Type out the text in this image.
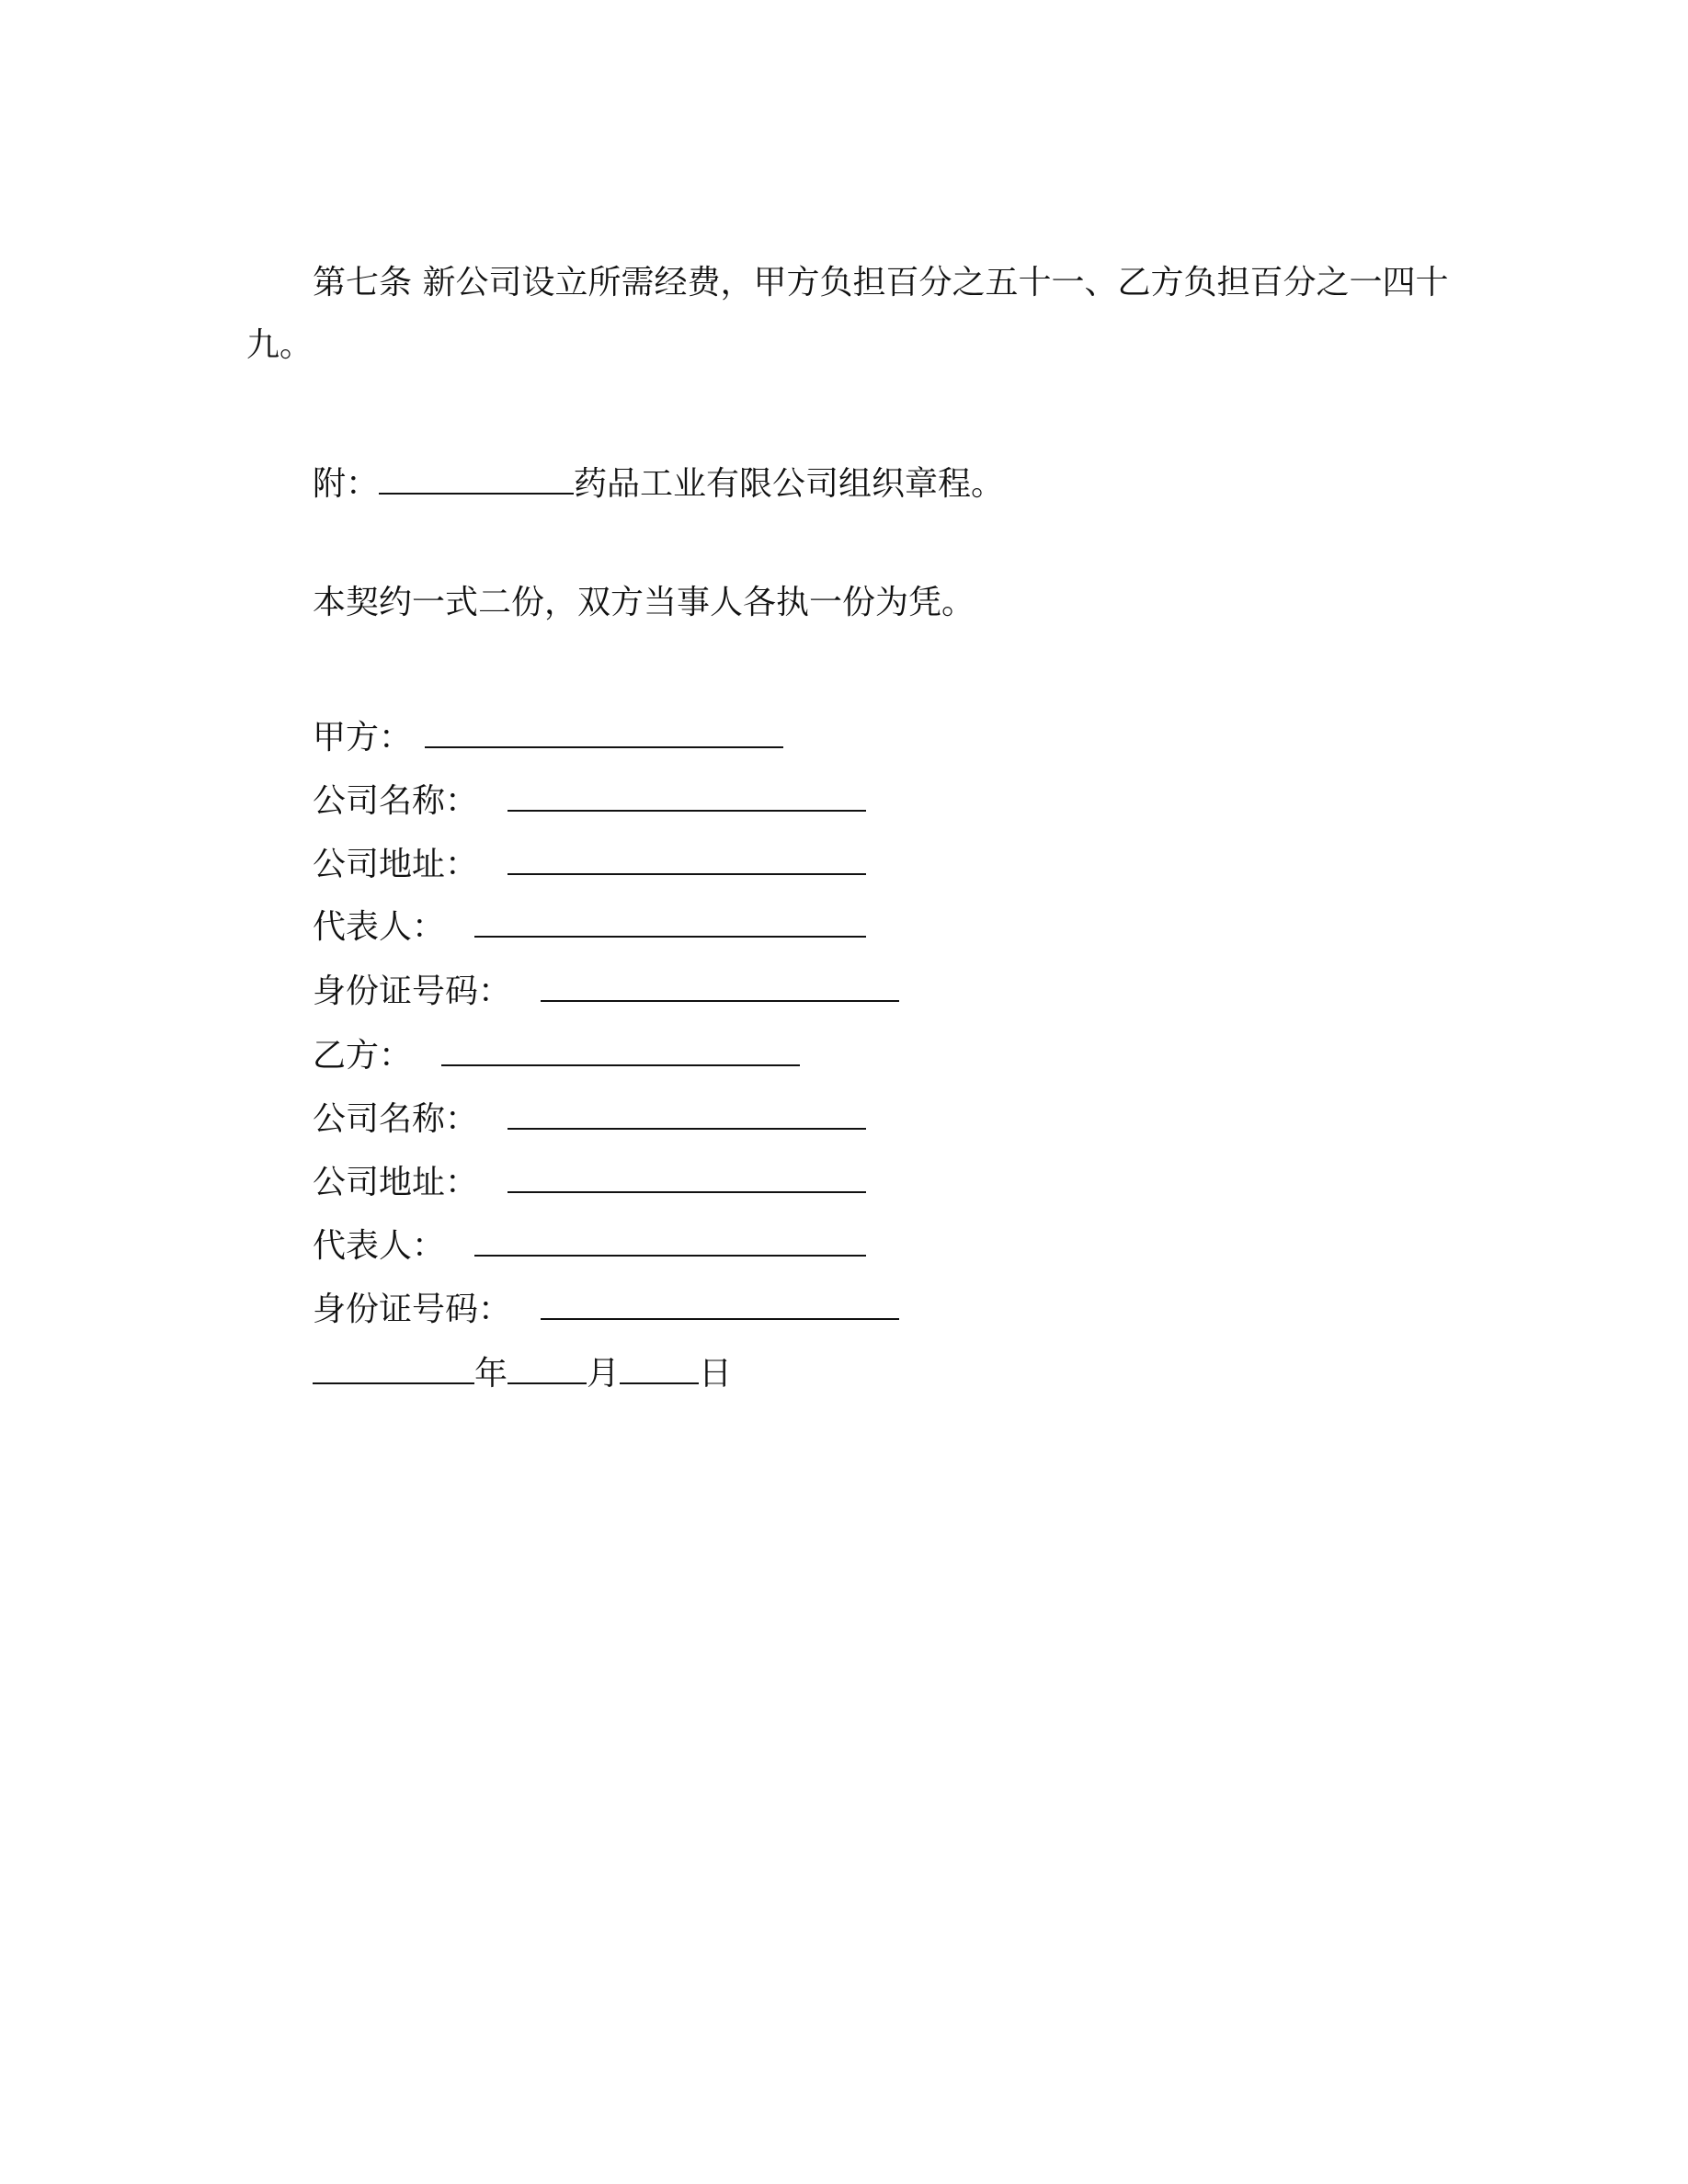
第七条 新公司设立所需经费，甲方负担百分之五十一、乙方负担百分之一四十
九。
附：	药品工业有限公司组织章程。
本契约一式二份，双方当事人各执一份为凭。
甲方：
公司名称：
公司地址：
代表人：
身份证号码：
乙方：
公司名称：
公司地址：
代表人：
身份证号码：
年 月 日
